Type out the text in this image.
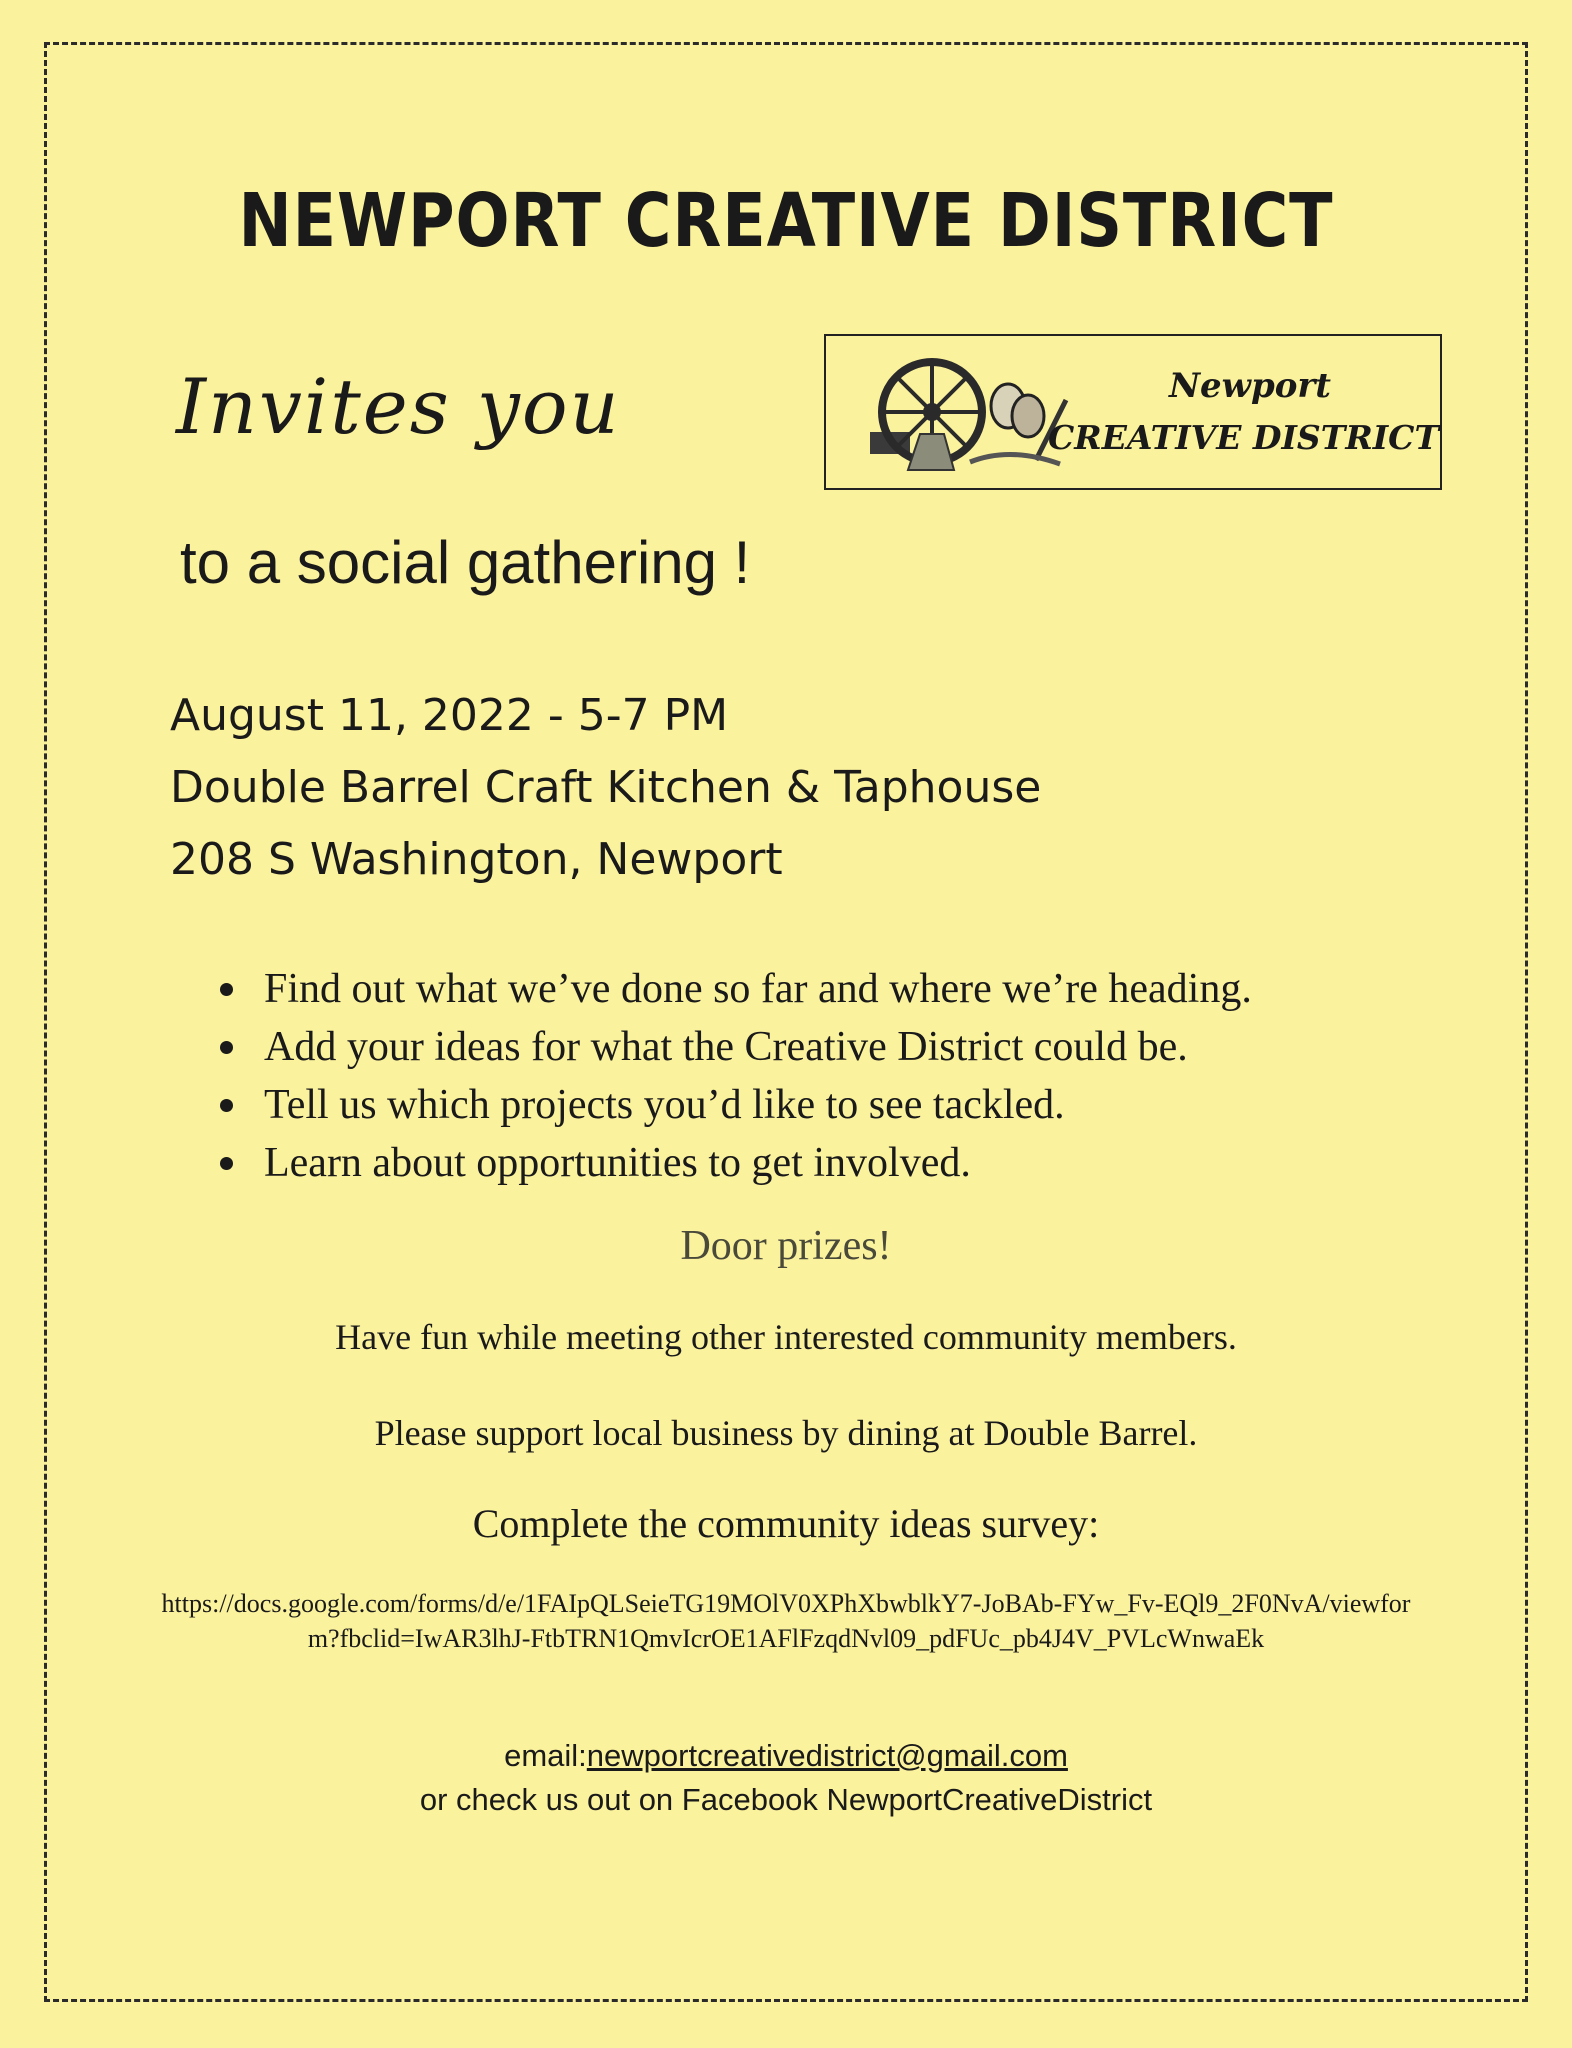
NEWPORT CREATIVE DISTRICT
Invites you	Newport
CREATIVE DISTRICT
to a social gathering !
August 11, 2022 - 5-7 PM
Double Barrel Craft Kitchen & Taphouse
208 S Washington, Newport
Find out what we’ve done so far and where we’re heading.
Add your ideas for what the Creative District could be.
Tell us which projects you’d like to see tackled.
Learn about opportunities to get involved.
Door prizes!
Have fun while meeting other interested community members.
Please support local business by dining at Double Barrel.
Complete the community ideas survey:
https://docs.google.com/forms/d/e/1FAIpQLSeieTG19MOlV0XPhXbwblkY7-JoBAb-FYw_Fv-EQl9_2F0NvA/viewform?fbclid=IwAR3lhJ-FtbTRN1QmvIcrOE1AFlFzqdNvl09_pdFUc_pb4J4V_PVLcWnwaEk
email:newportcreativedistrict@gmail.com
or check us out on Facebook NewportCreativeDistrict
